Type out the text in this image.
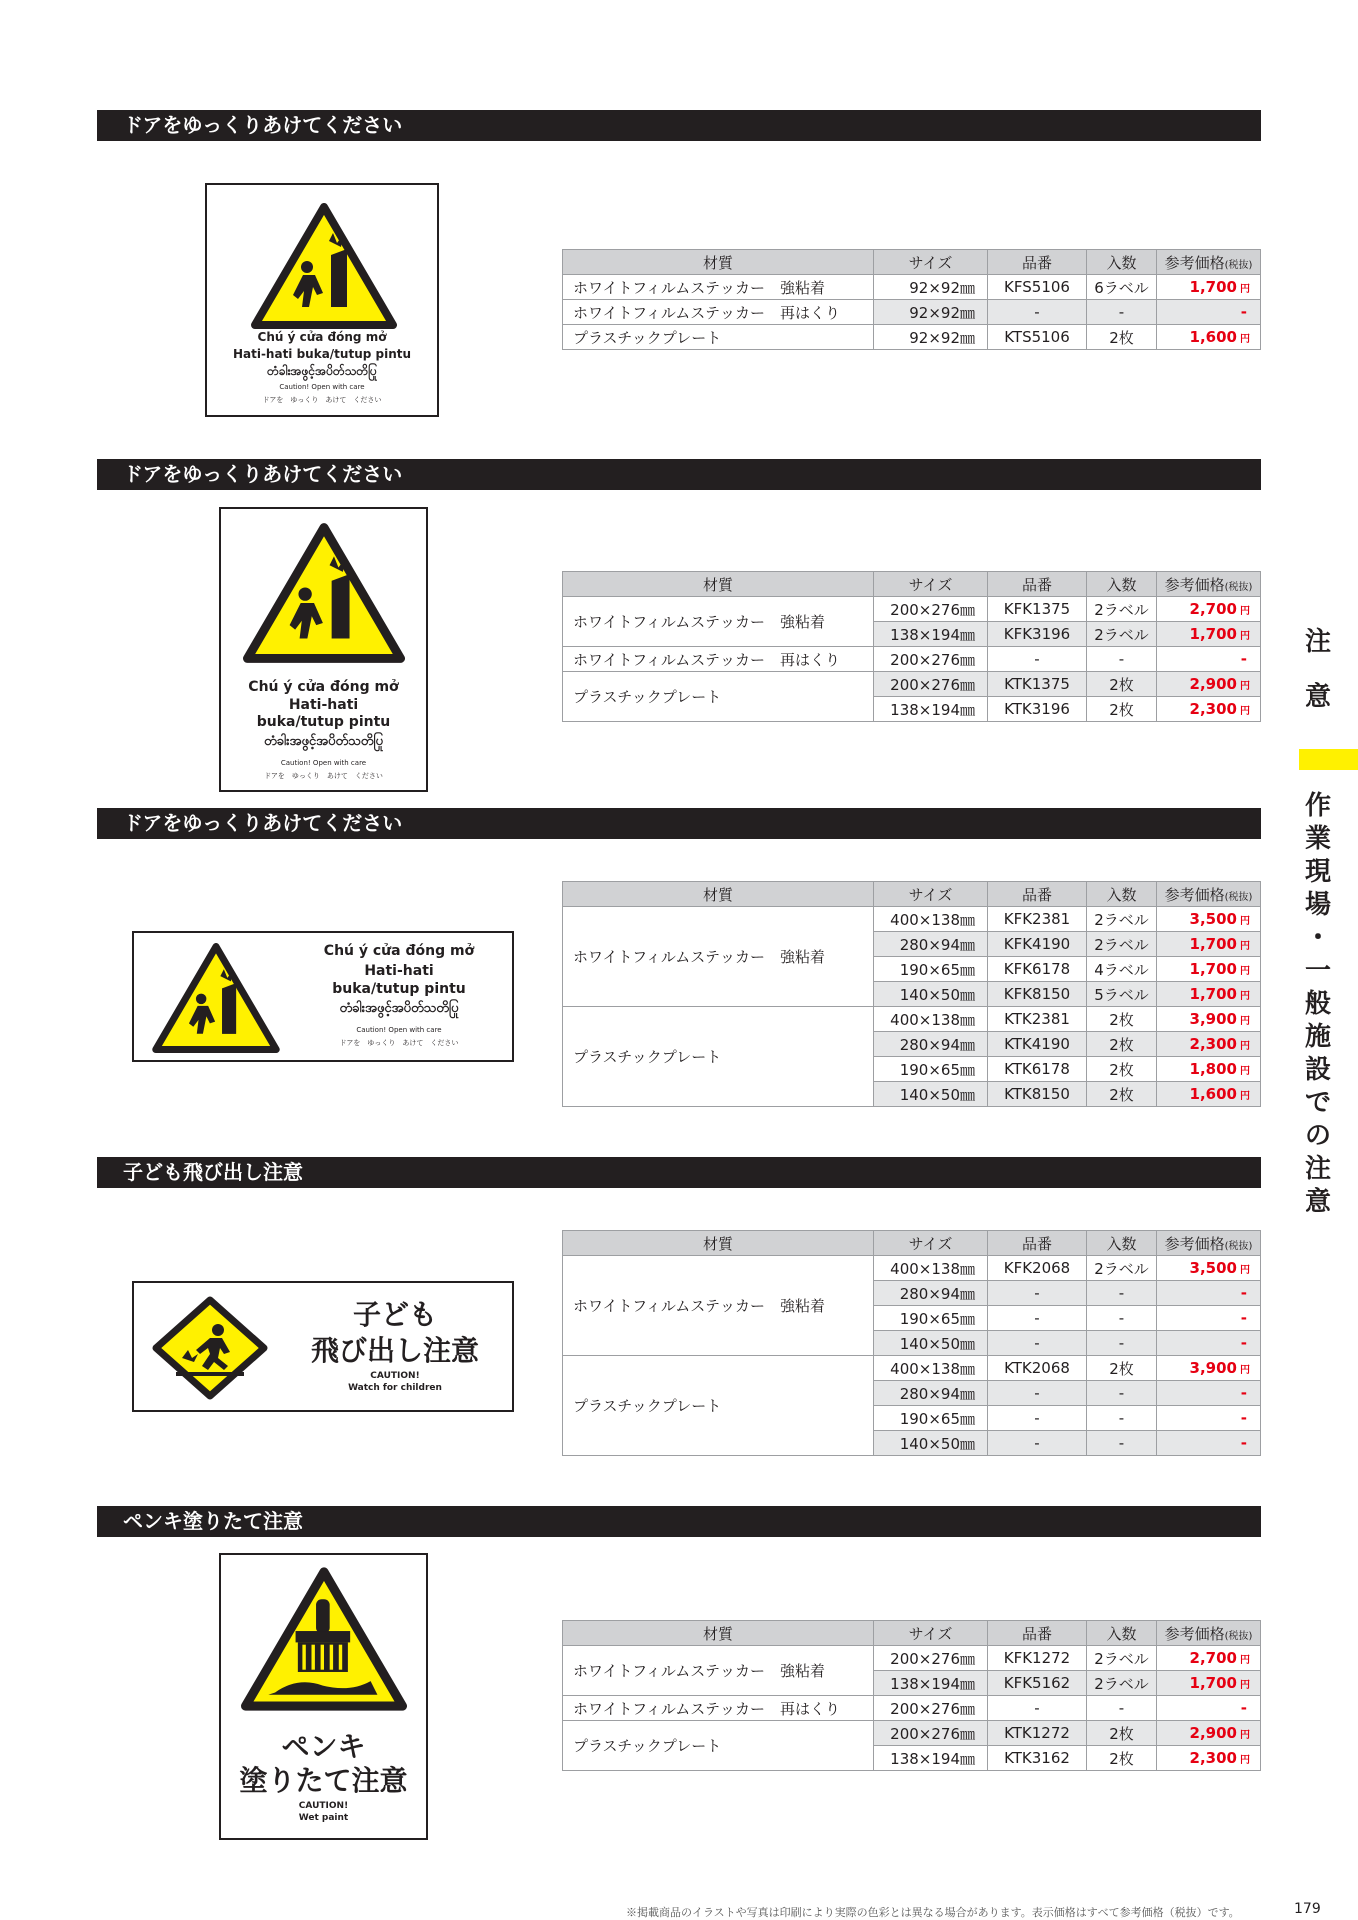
ドアをゆっくりあけてください
Chú ý cửa đóng mở
Hati-hati buka/tutup pintu
တံခါးအဖွင့်အပိတ်သတိပြု
Caution! Open with care
ドアを　ゆっくり　あけて　ください
材質	サイズ	品番	入数	参考価格(税抜)
ホワイトフィルムステッカー　強粘着	92×92㎜	KFS5106	6ラベル	1,700 円
ホワイトフィルムステッカー　再はくり	92×92㎜	-	-	-
プラスチックプレート	92×92㎜	KTS5106	2枚	1,600 円
ドアをゆっくりあけてください
Chú ý cửa đóng mở
Hati-hati
buka/tutup pintu
တံခါးအဖွင့်အပိတ်သတိပြု
Caution! Open with care
ドアを　ゆっくり　あけて　ください
材質	サイズ	品番	入数	参考価格(税抜)
ホワイトフィルムステッカー　強粘着	200×276㎜	KFK1375	2ラベル	2,700 円
	138×194㎜	KFK3196	2ラベル	1,700 円
ホワイトフィルムステッカー　再はくり	200×276㎜	-	-	-
プラスチックプレート	200×276㎜	KTK1375	2枚	2,900 円
	138×194㎜	KTK3196	2枚	2,300 円
ドアをゆっくりあけてください
Chú ý cửa đóng mở
Hati-hati
buka/tutup pintu
တံခါးအဖွင့်အပိတ်သတိပြု
Caution! Open with care
ドアを　ゆっくり　あけて　ください
材質	サイズ	品番	入数	参考価格(税抜)
ホワイトフィルムステッカー　強粘着	400×138㎜	KFK2381	2ラベル	3,500 円
	280×94㎜	KFK4190	2ラベル	1,700 円
	190×65㎜	KFK6178	4ラベル	1,700 円
	140×50㎜	KFK8150	5ラベル	1,700 円
プラスチックプレート	400×138㎜	KTK2381	2枚	3,900 円
	280×94㎜	KTK4190	2枚	2,300 円
	190×65㎜	KTK6178	2枚	1,800 円
	140×50㎜	KTK8150	2枚	1,600 円
子ども飛び出し注意
子ども
飛び出し注意
CAUTION!
Watch for children
材質	サイズ	品番	入数	参考価格(税抜)
ホワイトフィルムステッカー　強粘着	400×138㎜	KFK2068	2ラベル	3,500 円
	280×94㎜	-	-	-
	190×65㎜	-	-	-
	140×50㎜	-	-	-
プラスチックプレート	400×138㎜	KTK2068	2枚	3,900 円
	280×94㎜	-	-	-
	190×65㎜	-	-	-
	140×50㎜	-	-	-
ペンキ塗りたて注意
ペンキ
塗りたて注意
CAUTION!
Wet paint
材質	サイズ	品番	入数	参考価格(税抜)
ホワイトフィルムステッカー　強粘着	200×276㎜	KFK1272	2ラベル	2,700 円
	138×194㎜	KFK5162	2ラベル	1,700 円
ホワイトフィルムステッカー　再はくり	200×276㎜	-	-	-
プラスチックプレート	200×276㎜	KTK1272	2枚	2,900 円
	138×194㎜	KTK3162	2枚	2,300 円
注
意
作
業
現
場
・
一
般
施
設
で
の
注
意
※掲載商品のイラストや写真は印刷により実際の色彩とは異なる場合があります。表示価格はすべて参考価格（税抜）です。	179
